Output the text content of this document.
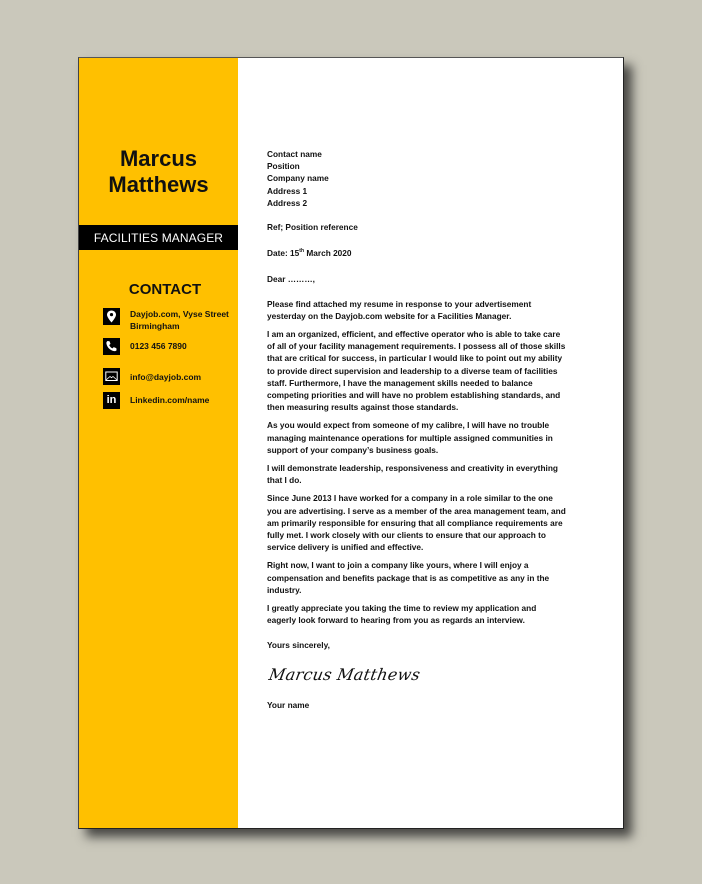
Marcus
Matthews
FACILITIES MANAGER
CONTACT
Dayjob.com, Vyse Street
Birmingham
0123 456 7890
info@dayjob.com
in Linkedin.com/name

Contact name

Position

Company name

Address 1

Address 2

Ref; Position reference

Date: 15th March 2020

Dear ………,

Please find attached my resume in response to your advertisement yesterday on the Dayjob.com website for a Facilities Manager.

I am an organized, efficient, and effective operator who is able to take care of all of your facility management requirements. I possess all of those skills that are critical for success, in particular I would like to point out my ability to provide direct supervision and leadership to a diverse team of facilities staff. Furthermore, I have the management skills needed to balance competing priorities and will have no problem establishing standards, and then measuring results against those standards.

As you would expect from someone of my calibre, I will have no trouble managing maintenance operations for multiple assigned communities in support of your company’s business goals.

I will demonstrate leadership, responsiveness and creativity in everything that I do.

Since June 2013 I have worked for a company in a role similar to the one you are advertising. I serve as a member of the area management team, and am primarily responsible for ensuring that all compliance requirements are fully met. I work closely with our clients to ensure that our approach to service delivery is unified and effective.

Right now, I want to join a company like yours, where I will enjoy a compensation and benefits package that is as competitive as any in the industry.

I greatly appreciate you taking the time to review my application and eagerly look forward to hearing from you as regards an interview.

Yours sincerely,

Marcus Matthews

Your name
